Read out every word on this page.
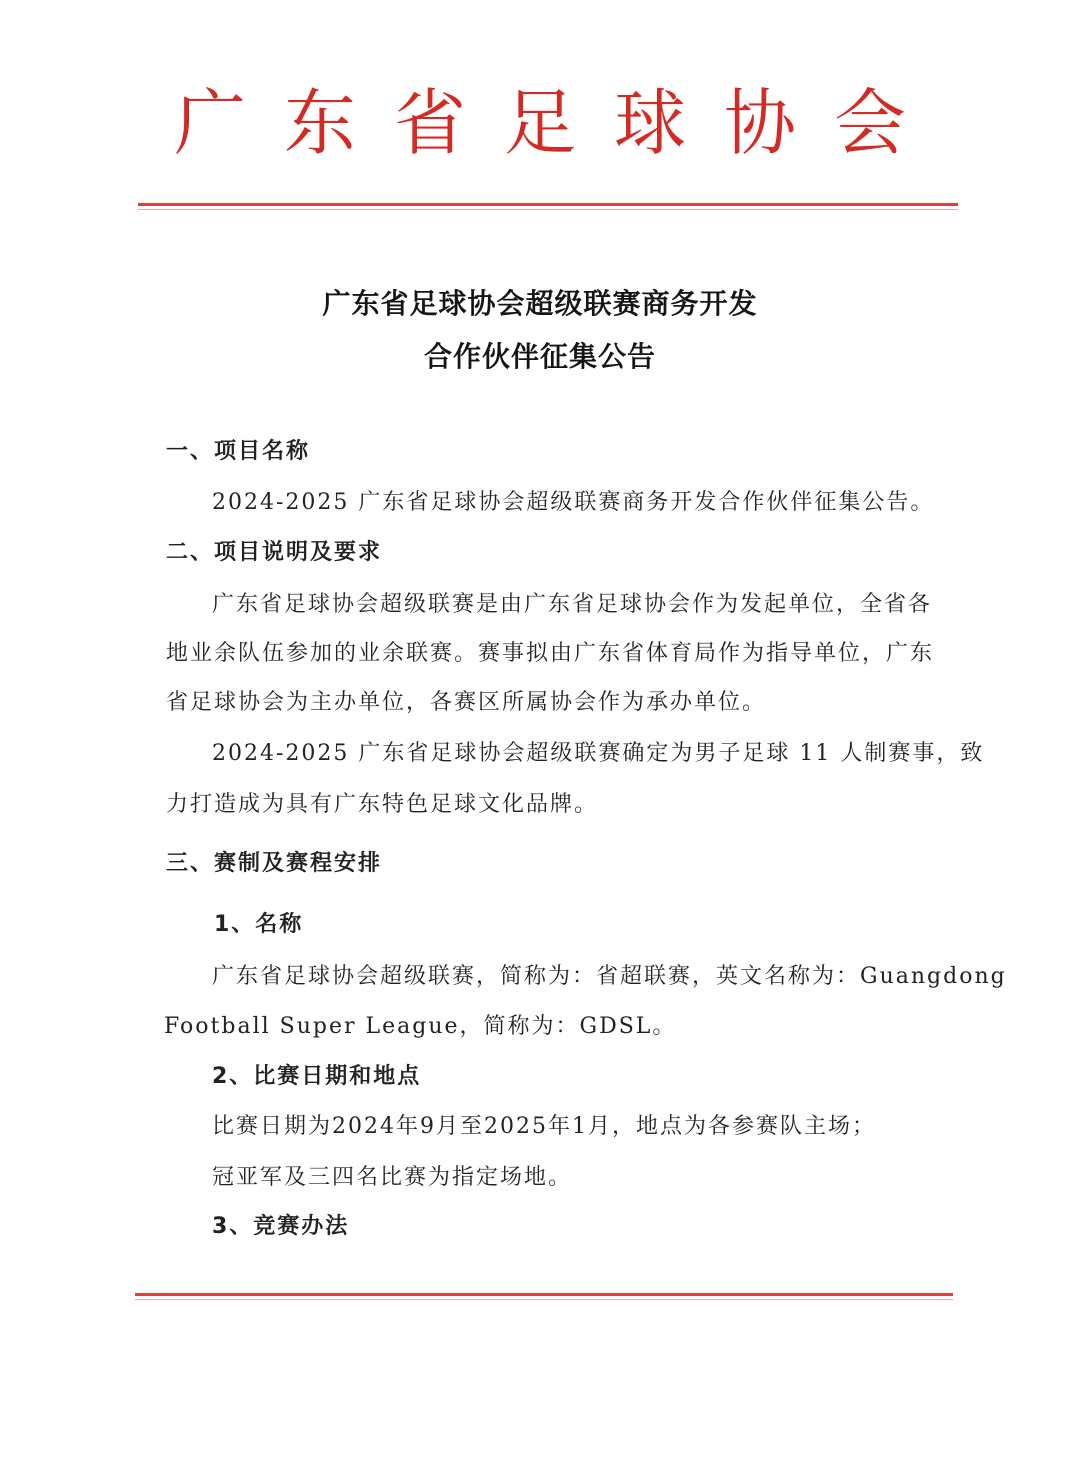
广东省足球协会
广东省足球协会超级联赛商务开发
合作伙伴征集公告
一、项目名称
2024-2025 广东省足球协会超级联赛商务开发合作伙伴征集公告。
二、项目说明及要求
广东省足球协会超级联赛是由广东省足球协会作为发起单位，全省各
地业余队伍参加的业余联赛。赛事拟由广东省体育局作为指导单位，广东
省足球协会为主办单位，各赛区所属协会作为承办单位。
2024-2025 广东省足球协会超级联赛确定为男子足球 11 人制赛事，致
力打造成为具有广东特色足球文化品牌。
三、赛制及赛程安排
1、名称
广东省足球协会超级联赛，简称为：省超联赛，英文名称为：Guangdong
Football Super League，简称为：GDSL。
2、比赛日期和地点
比赛日期为2024年9月至2025年1月，地点为各参赛队主场；
冠亚军及三四名比赛为指定场地。
3、竞赛办法
